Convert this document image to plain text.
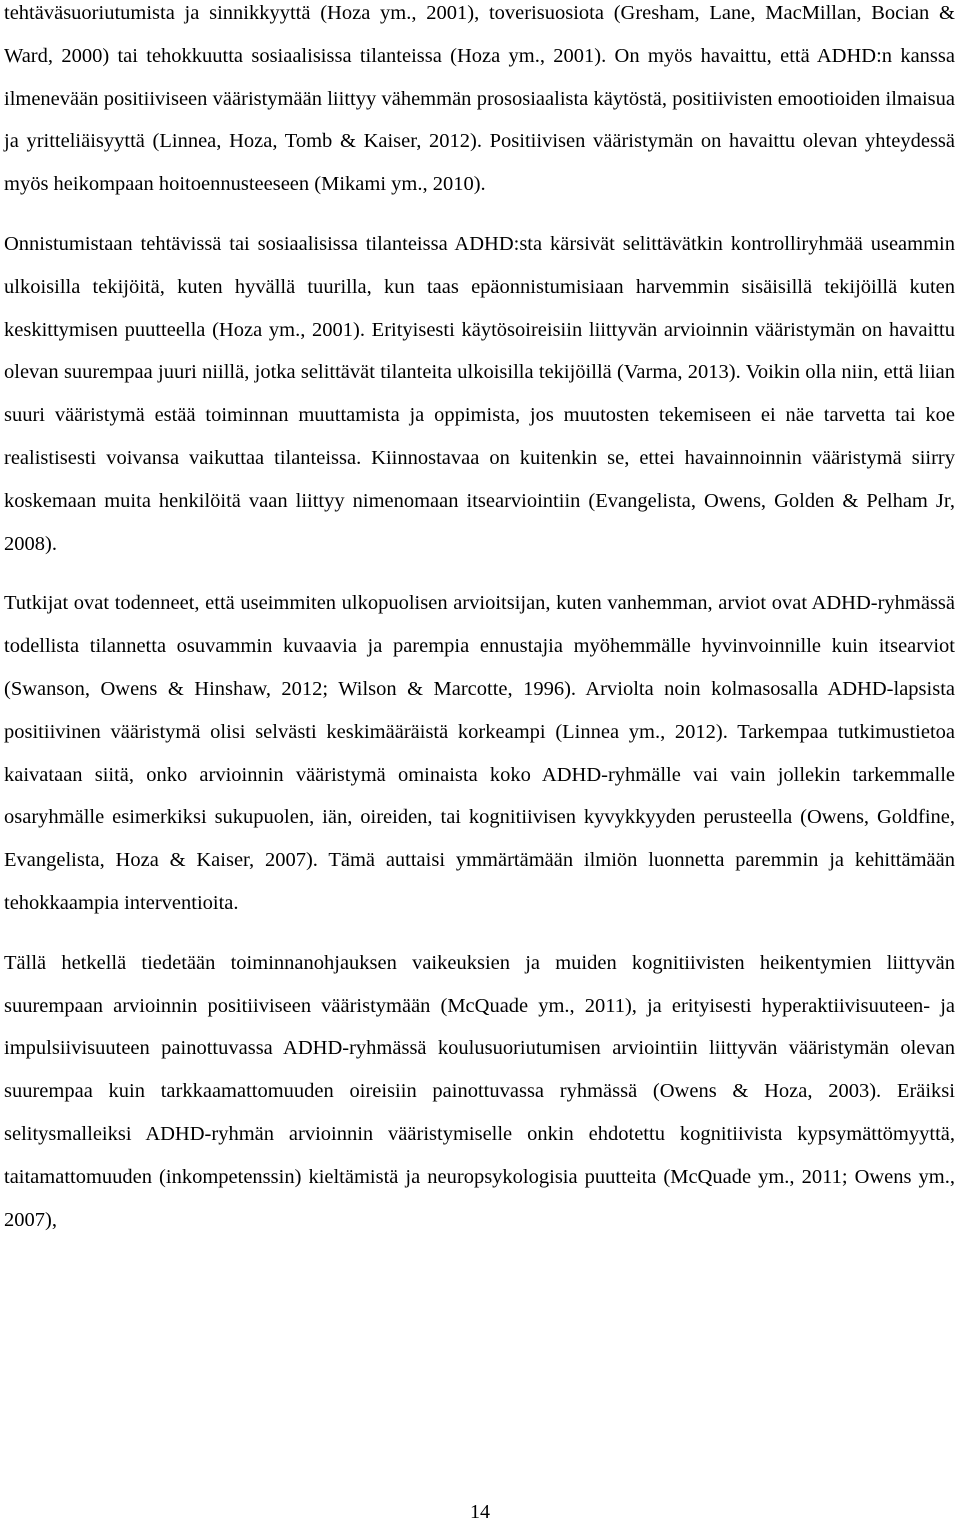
tehtäväsuoriutumista ja sinnikkyyttä (Hoza ym., 2001), toverisuosiota (Gresham, Lane, MacMillan, Bocian & Ward, 2000) tai tehokkuutta sosiaalisissa tilanteissa (Hoza ym., 2001). On myös havaittu, että ADHD:n kanssa ilmenevään positiiviseen vääristymään liittyy vähemmän prososiaalista käytöstä, positiivisten emootioiden ilmaisua ja yritteliäisyyttä (Linnea, Hoza, Tomb & Kaiser, 2012). Positiivisen vääristymän on havaittu olevan yhteydessä myös heikompaan hoitoennusteeseen (Mikami ym., 2010).

Onnistumistaan tehtävissä tai sosiaalisissa tilanteissa ADHD:sta kärsivät selittävätkin kontrolliryhmää useammin ulkoisilla tekijöitä, kuten hyvällä tuurilla, kun taas epäonnistumisiaan harvemmin sisäisillä tekijöillä kuten keskittymisen puutteella (Hoza ym., 2001). Erityisesti käytösoireisiin liittyvän arvioinnin vääristymän on havaittu olevan suurempaa juuri niillä, jotka selittävät tilanteita ulkoisilla tekijöillä (Varma, 2013). Voikin olla niin, että liian suuri vääristymä estää toiminnan muuttamista ja oppimista, jos muutosten tekemiseen ei näe tarvetta tai koe realistisesti voivansa vaikuttaa tilanteissa. Kiinnostavaa on kuitenkin se, ettei havainnoinnin vääristymä siirry koskemaan muita henkilöitä vaan liittyy nimenomaan itsearviointiin (Evangelista, Owens, Golden & Pelham Jr, 2008).

Tutkijat ovat todenneet, että useimmiten ulkopuolisen arvioitsijan, kuten vanhemman, arviot ovat ADHD-ryhmässä todellista tilannetta osuvammin kuvaavia ja parempia ennustajia myöhemmälle hyvinvoinnille kuin itsearviot (Swanson, Owens & Hinshaw, 2012; Wilson & Marcotte, 1996). Arviolta noin kolmasosalla ADHD-lapsista positiivinen vääristymä olisi selvästi keskimääräistä korkeampi (Linnea ym., 2012). Tarkempaa tutkimustietoa kaivataan siitä, onko arvioinnin vääristymä ominaista koko ADHD-ryhmälle vai vain jollekin tarkemmalle osaryhmälle esimerkiksi sukupuolen, iän, oireiden, tai kognitiivisen kyvykkyyden perusteella (Owens, Goldfine, Evangelista, Hoza & Kaiser, 2007). Tämä auttaisi ymmärtämään ilmiön luonnetta paremmin ja kehittämään tehokkaampia interventioita.

Tällä hetkellä tiedetään toiminnanohjauksen vaikeuksien ja muiden kognitiivisten heikentymien liittyvän suurempaan arvioinnin positiiviseen vääristymään (McQuade ym., 2011), ja erityisesti hyperaktiivisuuteen- ja impulsiivisuuteen painottuvassa ADHD-ryhmässä koulusuoriutumisen arviointiin liittyvän vääristymän olevan suurempaa kuin tarkkaamattomuuden oireisiin painottuvassa ryhmässä (Owens & Hoza, 2003). Eräiksi selitysmalleiksi ADHD-ryhmän arvioinnin vääristymiselle onkin ehdotettu kognitiivista kypsymättömyyttä, taitamattomuuden (inkompetenssin) kieltämistä ja neuropsykologisia puutteita (McQuade ym., 2011; Owens ym., 2007),

14
